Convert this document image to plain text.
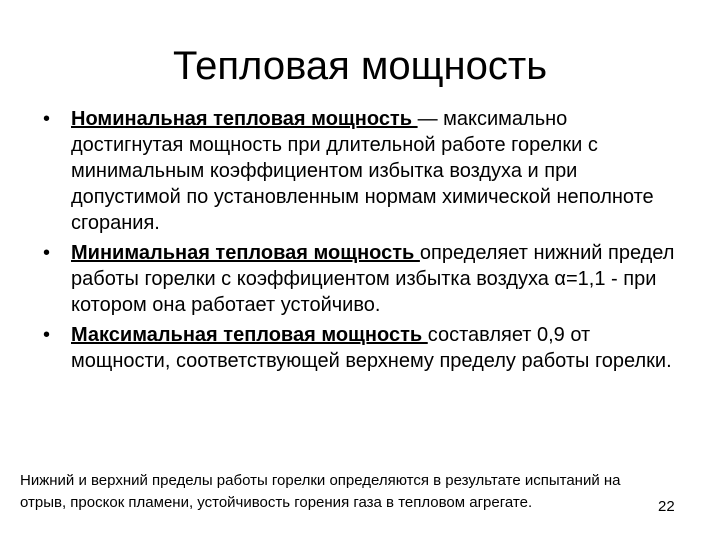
Тепловая мощность
• Номинальная тепловая мощность — максимально достигнутая мощность при длительной работе горелки с минимальным коэффициентом избытка воздуха и при допустимой по установленным нормам химической неполноте сгорания.
• Минимальная тепловая мощность определяет нижний предел работы горелки с коэффициентом избытка воздуха α=1,1 - при котором она работает устойчиво.
• Максимальная тепловая мощность составляет 0,9 от мощности, соответствующей верхнему пределу работы горелки.
Нижний и верхний пределы работы горелки определяются в результате испытаний на отрыв, проскок пламени, устойчивость горения газа в тепловом агрегате.	22
